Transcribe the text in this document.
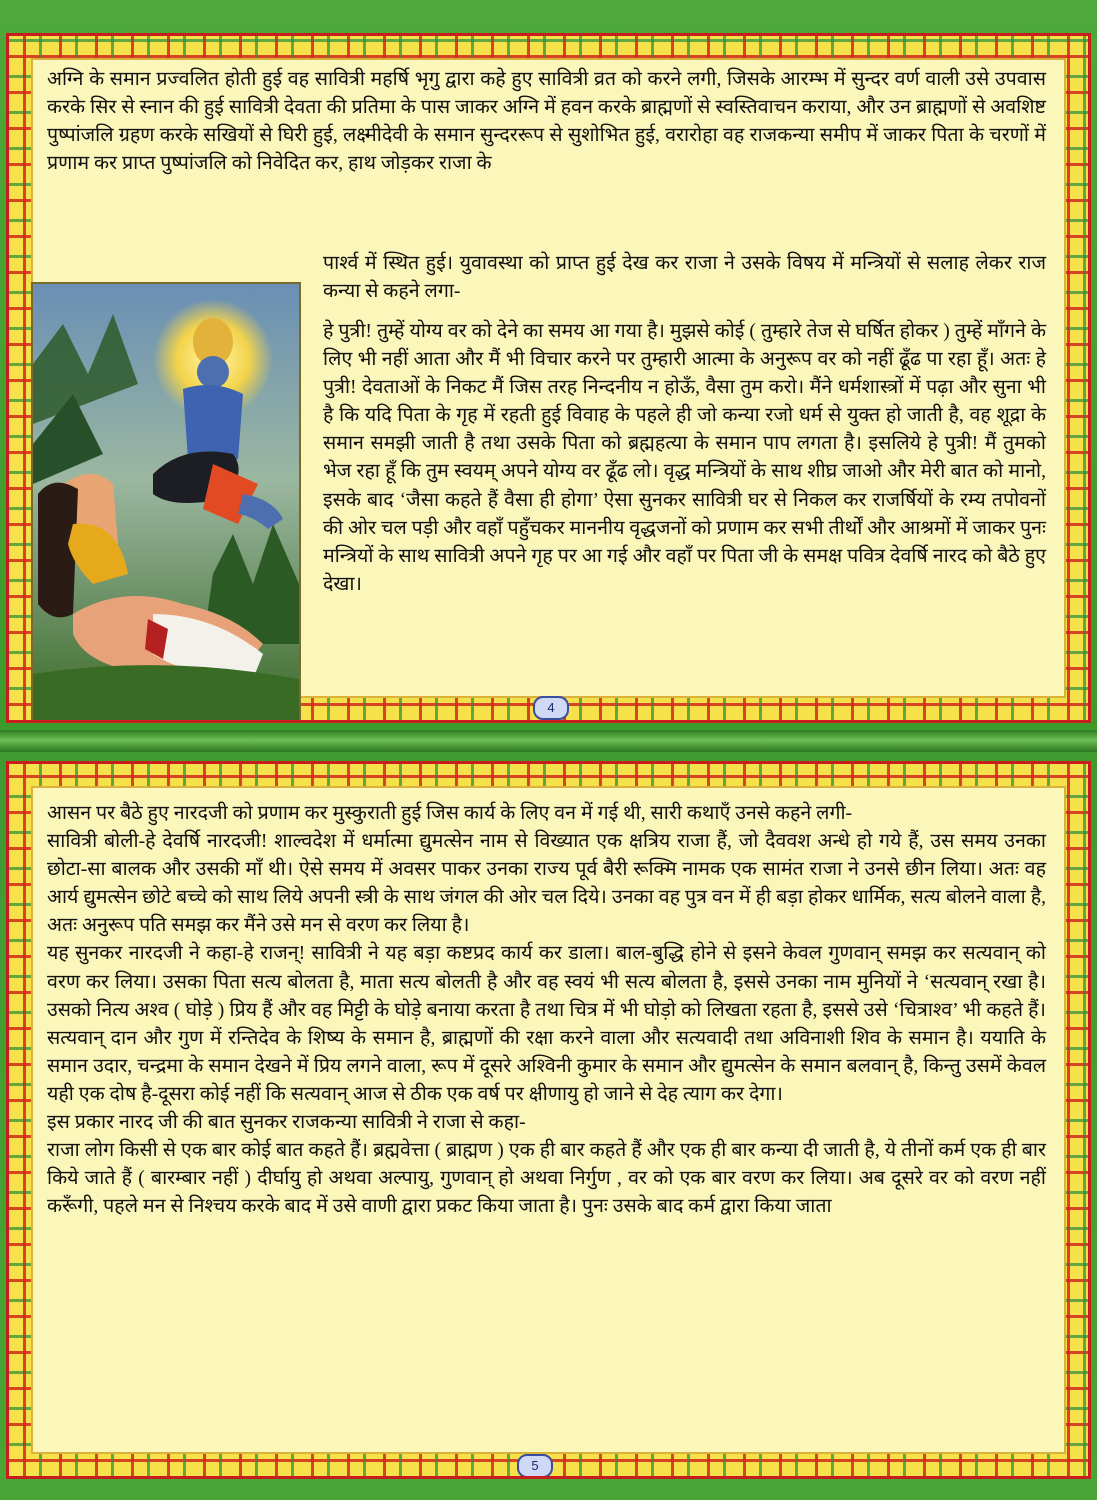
अग्नि के समान प्रज्वलित होती हुई वह सावित्री महर्षि भृगु द्वारा कहे हुए सावित्री व्रत को करने लगी, जिसके आरम्भ में सुन्दर वर्ण वाली उसे उपवास करके सिर से स्नान की हुई सावित्री देवता की प्रतिमा के पास जाकर अग्नि में हवन करके ब्राह्मणों से स्वस्तिवाचन कराया, और उन ब्राह्मणों से अवशिष्ट पुष्पांजलि ग्रहण करके सखियों से घिरी हुई, लक्ष्मीदेवी के समान सुन्दररूप से सुशोभित हुई, वरारोहा वह राजकन्या समीप में जाकर पिता के चरणों में प्रणाम कर प्राप्त पुष्पांजलि को निवेदित कर, हाथ जोड़कर राजा के

पार्श्व में स्थित हुई। युवावस्था को प्राप्त हुई देख कर राजा ने उसके विषय में मन्त्रियों से सलाह लेकर राज कन्या से कहने लगा-

हे पुत्री! तुम्हें योग्य वर को देने का समय आ गया है। मुझसे कोई ( तुम्हारे तेज से घर्षित होकर ) तुम्हें माँगने के लिए भी नहीं आता और मैं भी विचार करने पर तुम्हारी आत्मा के अनुरूप वर को नहीं ढूँढ पा रहा हूँ। अतः हे पुत्री! देवताओं के निकट मैं जिस तरह निन्दनीय न होऊँ, वैसा तुम करो। मैंने धर्मशास्त्रों में पढ़ा और सुना भी है कि यदि पिता के गृह में रहती हुई विवाह के पहले ही जो कन्या रजो धर्म से युक्त हो जाती है, वह शूद्रा के समान समझी जाती है तथा उसके पिता को ब्रह्महत्या के समान पाप लगता है। इसलिये हे पुत्री! मैं तुमको भेज रहा हूँ कि तुम स्वयम् अपने योग्य वर ढूँढ लो। वृद्ध मन्त्रियों के साथ शीघ्र जाओ और मेरी बात को मानो, इसके बाद ‘जैसा कहते हैं वैसा ही होगा’ ऐसा सुनकर सावित्री घर से निकल कर राजर्षियों के रम्य तपोवनों की ओर चल पड़ी और वहाँ पहुँचकर माननीय वृद्धजनों को प्रणाम कर सभी तीर्थों और आश्रमों में जाकर पुनः मन्त्रियों के साथ सावित्री अपने गृह पर आ गई और वहाँ पर पिता जी के समक्ष पवित्र देवर्षि नारद को बैठे हुए देखा।

4

आसन पर बैठे हुए नारदजी को प्रणाम कर मुस्कुराती हुई जिस कार्य के लिए वन में गई थी, सारी कथाएँ उनसे कहने लगी-

सावित्री बोली-हे देवर्षि नारदजी! शाल्वदेश में धर्मात्मा द्युमत्सेन नाम से विख्यात एक क्षत्रिय राजा हैं, जो दैववश अन्धे हो गये हैं, उस समय उनका छोटा-सा बालक और उसकी माँ थी। ऐसे समय में अवसर पाकर उनका राज्य पूर्व बैरी रूक्मि नामक एक सामंत राजा ने उनसे छीन लिया। अतः वह आर्य द्युमत्सेन छोटे बच्चे को साथ लिये अपनी स्त्री के साथ जंगल की ओर चल दिये। उनका वह पुत्र वन में ही बड़ा होकर धार्मिक, सत्य बोलने वाला है, अतः अनुरूप पति समझ कर मैंने उसे मन से वरण कर लिया है।

यह सुनकर नारदजी ने कहा-हे राजन्! सावित्री ने यह बड़ा कष्टप्रद कार्य कर डाला। बाल-बुद्धि होने से इसने केवल गुणवान् समझ कर सत्यवान् को वरण कर लिया। उसका पिता सत्य बोलता है, माता सत्य बोलती है और वह स्वयं भी सत्य बोलता है, इससे उनका नाम मुनियों ने ‘सत्यवान् रखा है। उसको नित्य अश्व ( घोड़े ) प्रिय हैं और वह मिट्टी के घोड़े बनाया करता है तथा चित्र में भी घोड़ो को लिखता रहता है, इससे उसे ‘चित्राश्व’ भी कहते हैं। सत्यवान् दान और गुण में रन्तिदेव के शिष्य के समान है, ब्राह्मणों की रक्षा करने वाला और सत्यवादी तथा अविनाशी शिव के समान है। ययाति के समान उदार, चन्द्रमा के समान देखने में प्रिय लगने वाला, रूप में दूसरे अश्विनी कुमार के समान और द्युमत्सेन के समान बलवान् है, किन्तु उसमें केवल यही एक दोष है-दूसरा कोई नहीं कि सत्यवान् आज से ठीक एक वर्ष पर क्षीणायु हो जाने से देह त्याग कर देगा।

इस प्रकार नारद जी की बात सुनकर राजकन्या सावित्री ने राजा से कहा-

राजा लोग किसी से एक बार कोई बात कहते हैं। ब्रह्मवेत्ता ( ब्राह्मण ) एक ही बार कहते हैं और एक ही बार कन्या दी जाती है, ये तीनों कर्म एक ही बार किये जाते हैं ( बारम्बार नहीं ) दीर्घायु हो अथवा अल्पायु, गुणवान् हो अथवा निर्गुण , वर को एक बार वरण कर लिया। अब दूसरे वर को वरण नहीं करूँगी, पहले मन से निश्चय करके बाद में उसे वाणी द्वारा प्रकट किया जाता है। पुनः उसके बाद कर्म द्वारा किया जाता

5
